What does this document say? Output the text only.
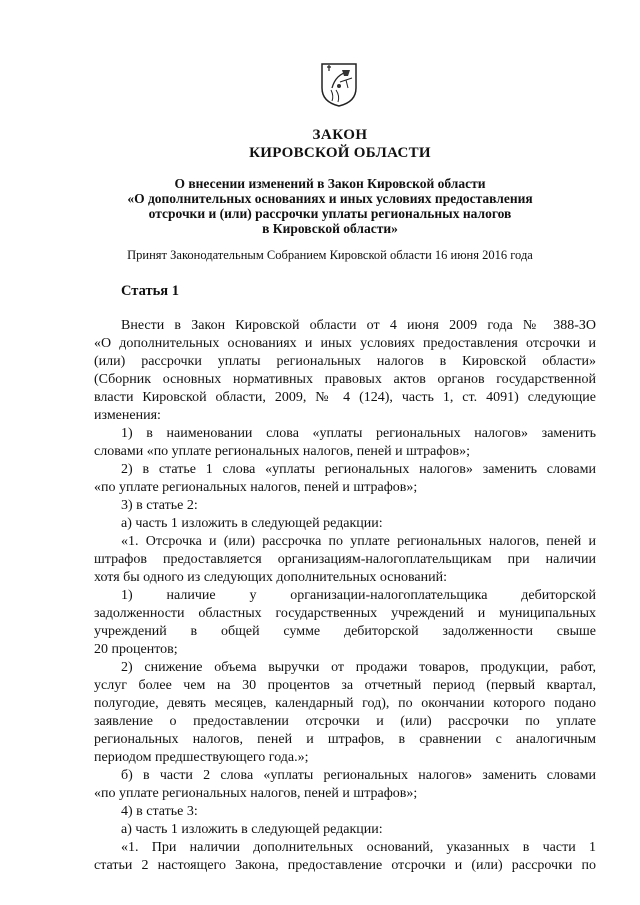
ЗАКОН
КИРОВСКОЙ ОБЛАСТИ
О внесении изменений в Закон Кировской области
«О дополнительных основаниях и иных условиях предоставления
отсрочки и (или) рассрочки уплаты региональных налогов
в Кировской области»
Принят Законодательным Собранием Кировской области 16 июня 2016 года
Статья 1
Внести в Закон Кировской области от 4 июня 2009 года № 388-ЗО
«О дополнительных основаниях и иных условиях предоставления отсрочки и
(или) рассрочки уплаты региональных налогов в Кировской области»
(Сборник основных нормативных правовых актов органов государственной
власти Кировской области, 2009, № 4 (124), часть 1, ст. 4091) следующие
изменения:
1) в наименовании слова «уплаты региональных налогов» заменить
словами «по уплате региональных налогов, пеней и штрафов»;
2) в статье 1 слова «уплаты региональных налогов» заменить словами
«по уплате региональных налогов, пеней и штрафов»;
3) в статье 2:
а) часть 1 изложить в следующей редакции:
«1. Отсрочка и (или) рассрочка по уплате региональных налогов, пеней и
штрафов предоставляется организациям-налогоплательщикам при наличии
хотя бы одного из следующих дополнительных оснований:
1) наличие у организации-налогоплательщика дебиторской
задолженности областных государственных учреждений и муниципальных
учреждений в общей сумме дебиторской задолженности свыше
20 процентов;
2) снижение объема выручки от продажи товаров, продукции, работ,
услуг более чем на 30 процентов за отчетный период (первый квартал,
полугодие, девять месяцев, календарный год), по окончании которого подано
заявление о предоставлении отсрочки и (или) рассрочки по уплате
региональных налогов, пеней и штрафов, в сравнении с аналогичным
периодом предшествующего года.»;
б) в части 2 слова «уплаты региональных налогов» заменить словами
«по уплате региональных налогов, пеней и штрафов»;
4) в статье 3:
а) часть 1 изложить в следующей редакции:
«1. При наличии дополнительных оснований, указанных в части 1
статьи 2 настоящего Закона, предоставление отсрочки и (или) рассрочки по
